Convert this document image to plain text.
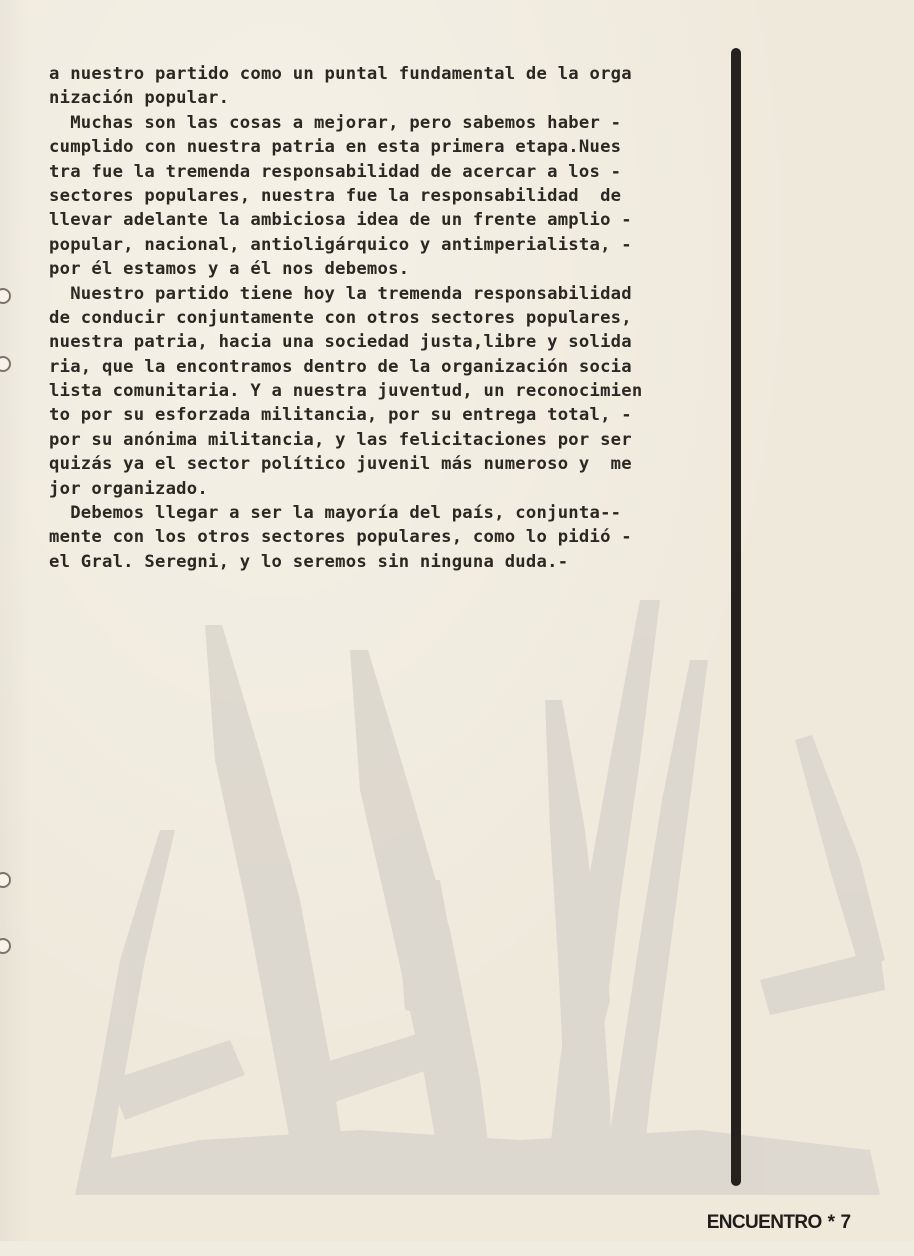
a nuestro partido como un puntal fundamental de la orga
nización popular.
Muchas son las cosas a mejorar, pero sabemos haber -
cumplido con nuestra patria en esta primera etapa.Nues
tra fue la tremenda responsabilidad de acercar a los -
sectores populares, nuestra fue la responsabilidad  de
llevar adelante la ambiciosa idea de un frente amplio -
popular, nacional, antioligárquico y antimperialista, -
por él estamos y a él nos debemos.
Nuestro partido tiene hoy la tremenda responsabilidad
de conducir conjuntamente con otros sectores populares,
nuestra patria, hacia una sociedad justa,libre y solida
ria, que la encontramos dentro de la organización socia
lista comunitaria. Y a nuestra juventud, un reconocimien
to por su esforzada militancia, por su entrega total, -
por su anónima militancia, y las felicitaciones por ser
quizás ya el sector político juvenil más numeroso y  me
jor organizado.
Debemos llegar a ser la mayoría del país, conjunta--
mente con los otros sectores populares, como lo pidió -
el Gral. Seregni, y lo seremos sin ninguna duda.-

ENCUENTRO * 7
